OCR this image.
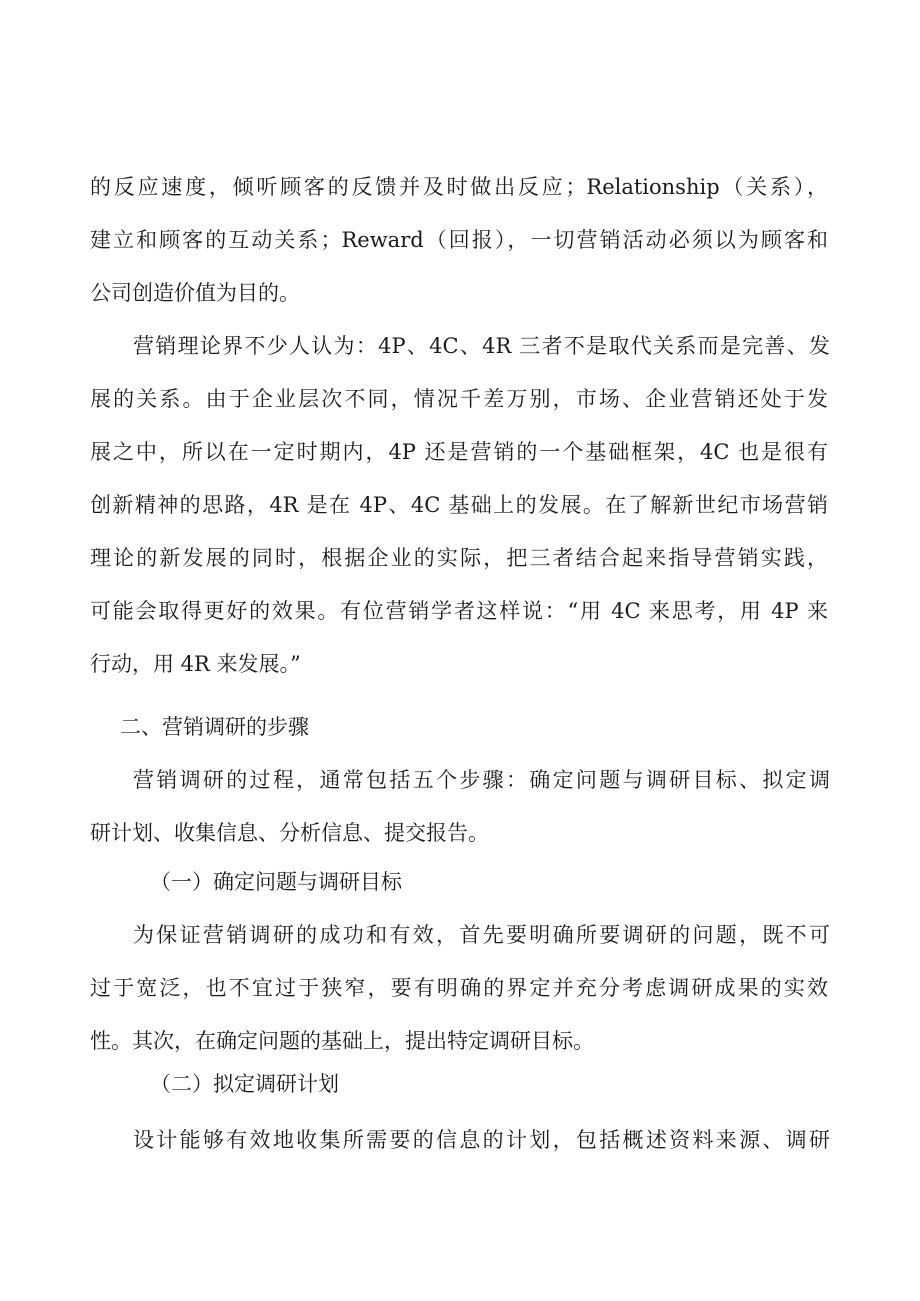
的反应速度，倾听顾客的反馈并及时做出反应；Relationship（关系），
建立和顾客的互动关系；Reward（回报），一切营销活动必须以为顾客和
公司创造价值为目的。
营销理论界不少人认为：4P、4C、4R 三者不是取代关系而是完善、发
展的关系。由于企业层次不同，情况千差万别，市场、企业营销还处于发
展之中，所以在一定时期内，4P 还是营销的一个基础框架，4C 也是很有
创新精神的思路，4R 是在 4P、4C 基础上的发展。在了解新世纪市场营销
理论的新发展的同时，根据企业的实际，把三者结合起来指导营销实践，
可能会取得更好的效果。有位营销学者这样说：“用 4C 来思考，用 4P 来
行动，用 4R 来发展。”
二、营销调研的步骤
营销调研的过程，通常包括五个步骤：确定问题与调研目标、拟定调
研计划、收集信息、分析信息、提交报告。
（一）确定问题与调研目标
为保证营销调研的成功和有效，首先要明确所要调研的问题，既不可
过于宽泛，也不宜过于狭窄，要有明确的界定并充分考虑调研成果的实效
性。其次，在确定问题的基础上，提出特定调研目标。
（二）拟定调研计划
设计能够有效地收集所需要的信息的计划，包括概述资料来源、调研
